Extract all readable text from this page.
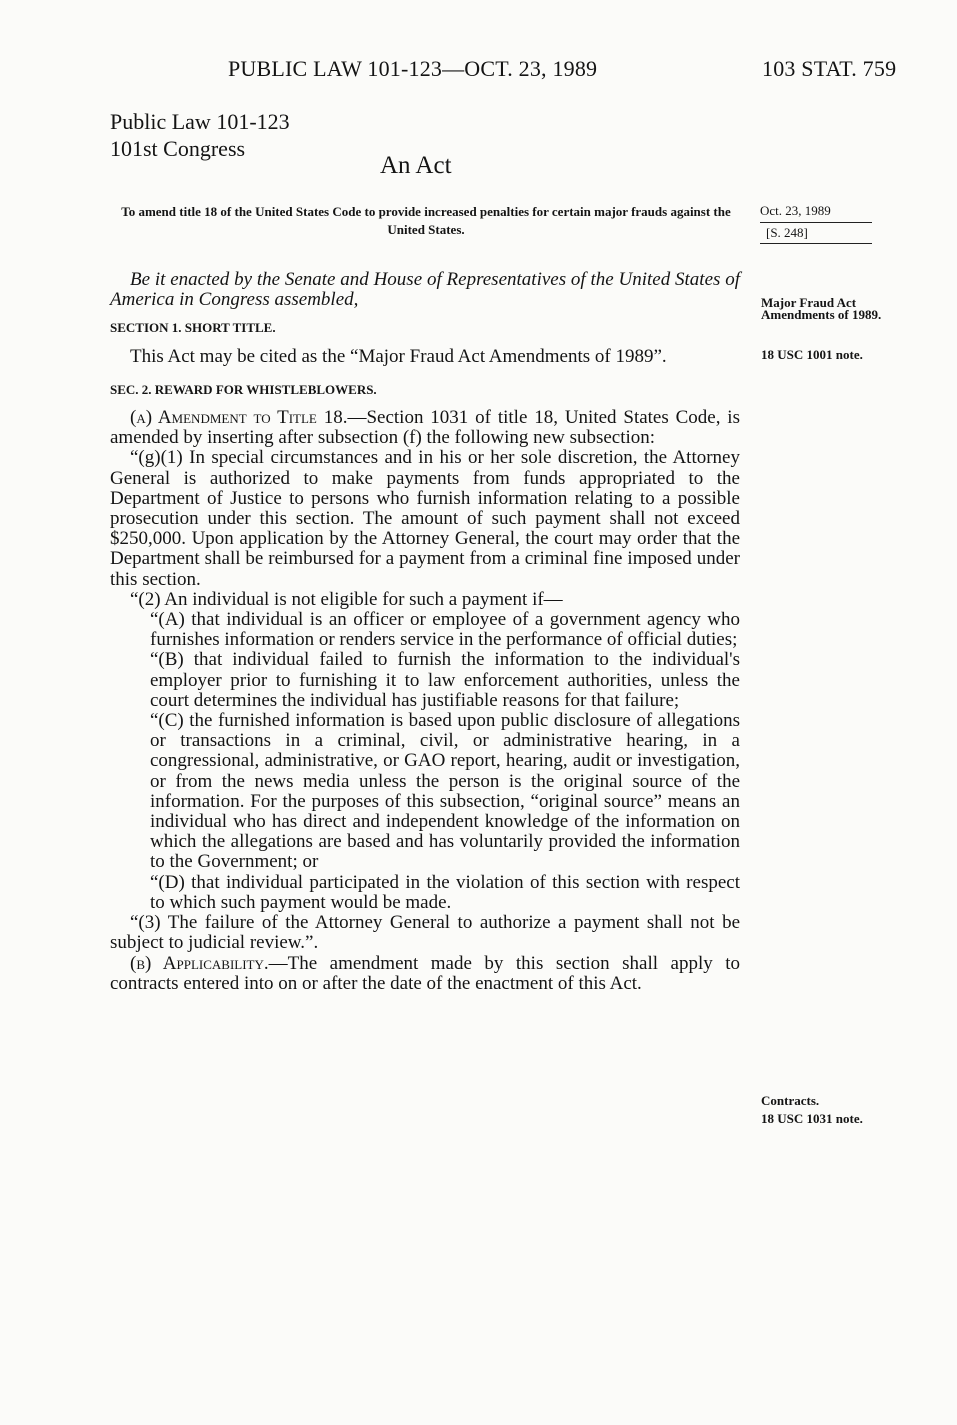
PUBLIC LAW 101-123—OCT. 23, 1989	103 STAT. 759
Public Law 101-123
101st Congress
An Act
To amend title 18 of the United States Code to provide increased penalties for certain major frauds against the United States.
Oct. 23, 1989
[S. 248]

Be it enacted by the Senate and House of Representatives of the United States of America in Congress assembled,

SECTION 1. SHORT TITLE.

This Act may be cited as the “Major Fraud Act Amendments of 1989”.

SEC. 2. REWARD FOR WHISTLEBLOWERS.

(a) Amendment to Title 18.—Section 1031 of title 18, United States Code, is amended by inserting after subsection (f) the following new subsection:

“(g)(1) In special circumstances and in his or her sole discretion, the Attorney General is authorized to make payments from funds appropriated to the Department of Justice to persons who furnish information relating to a possible prosecution under this section. The amount of such payment shall not exceed $250,000. Upon application by the Attorney General, the court may order that the Department shall be reimbursed for a payment from a criminal fine imposed under this section.

“(2) An individual is not eligible for such a payment if—

“(A) that individual is an officer or employee of a government agency who furnishes information or renders service in the performance of official duties;

“(B) that individual failed to furnish the information to the individual's employer prior to furnishing it to law enforcement authorities, unless the court determines the individual has justifiable reasons for that failure;

“(C) the furnished information is based upon public disclosure of allegations or transactions in a criminal, civil, or administrative hearing, in a congressional, administrative, or GAO report, hearing, audit or investigation, or from the news media unless the person is the original source of the information. For the purposes of this subsection, “original source” means an individual who has direct and independent knowledge of the information on which the allegations are based and has voluntarily provided the information to the Government; or

“(D) that individual participated in the violation of this section with respect to which such payment would be made.

“(3) The failure of the Attorney General to authorize a payment shall not be subject to judicial review.”.

(b) Applicability.—The amendment made by this section shall apply to contracts entered into on or after the date of the enactment of this Act.

Major Fraud Act Amendments of 1989.
18 USC 1001 note.
Contracts.
18 USC 1031 note.
